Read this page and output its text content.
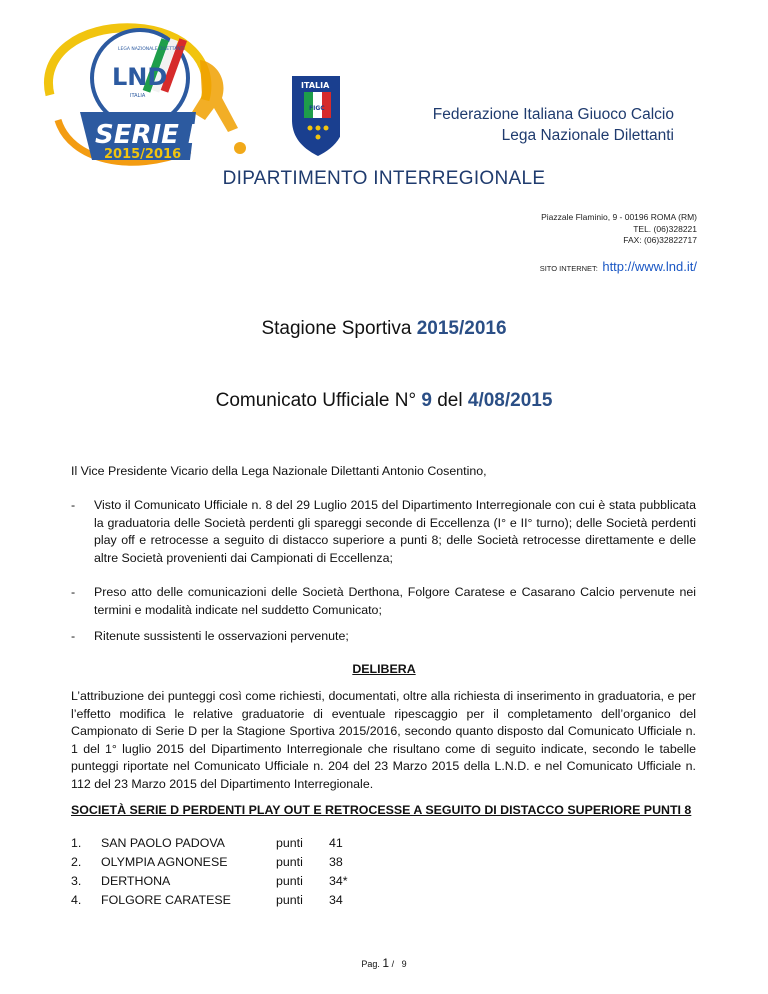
LEGA NAZIONALE DILETTANTI
LND
ITALIA
SERIE D
2015/2016
ITALIA
FIGC	Federazione Italiana Giuoco Calcio
Lega Nazionale Dilettanti
DIPARTIMENTO INTERREGIONALE
Piazzale Flaminio, 9 - 00196 ROMA (RM)
TEL. (06)328221
FAX: (06)32822717
SITO INTERNET: http://www.lnd.it/
Stagione Sportiva 2015/2016
Comunicato Ufficiale N° 9 del 4/08/2015
Il Vice Presidente Vicario della Lega Nazionale Dilettanti Antonio Cosentino,
-	Visto il Comunicato Ufficiale n. 8 del 29 Luglio 2015 del Dipartimento Interregionale con cui è stata pubblicata la graduatoria delle Società perdenti gli spareggi seconde di Eccellenza (I° e II° turno); delle Società perdenti play off e retrocesse a seguito di distacco superiore a punti 8; delle Società retrocesse direttamente e delle altre Società provenienti dai Campionati di Eccellenza;
-	Preso atto delle comunicazioni delle Società Derthona, Folgore Caratese e Casarano Calcio pervenute nei termini e modalità indicate nel suddetto Comunicato;
-	Ritenute sussistenti le osservazioni pervenute;
DELIBERA
L’attribuzione dei punteggi così come richiesti, documentati, oltre alla richiesta di inserimento in graduatoria, e per l’effetto modifica le relative graduatorie di eventuale ripescaggio per il completamento dell’organico del Campionato di Serie D per la Stagione Sportiva 2015/2016, secondo quanto disposto dal Comunicato Ufficiale n. 1 del 1° luglio 2015 del Dipartimento Interregionale che risultano come di seguito indicate, secondo le tabelle punteggi riportate nel Comunicato Ufficiale n. 204 del 23 Marzo 2015 della L.N.D. e nel Comunicato Ufficiale n. 112 del 23 Marzo 2015 del Dipartimento Interregionale.
SOCIETÀ SERIE D PERDENTI PLAY OUT E RETROCESSE A SEGUITO DI DISTACCO SUPERIORE PUNTI 8
1. SAN PAOLO PADOVA	punti 41
2. OLYMPIA AGNONESE	punti 38
3. DERTHONA	punti 34*
4. FOLGORE CARATESE	punti 34
Pag. 1 / 9
